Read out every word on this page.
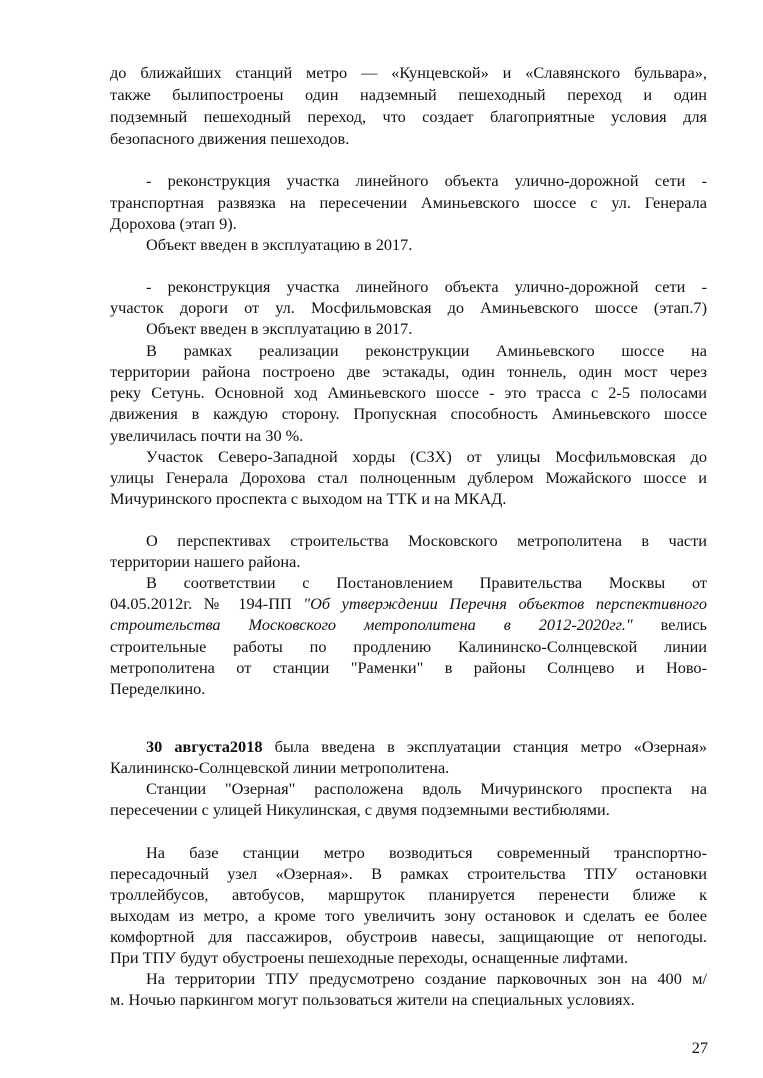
до ближайших станций метро — «Кунцевской» и «Славянского бульвара»,
также былипостроены один надземный пешеходный переход и один
подземный пешеходный переход, что создает благоприятные условия для
безопасного движения пешеходов.
- реконструкция участка линейного объекта улично-дорожной сети -
транспортная развязка на пересечении Аминьевского шоссе с ул. Генерала
Дорохова (этап 9).
Объект введен в эксплуатацию в 2017.
- реконструкция участка линейного объекта улично-дорожной сети -
участок дороги от ул. Мосфильмовская до Аминьевского шоссе (этап.7)
Объект введен в эксплуатацию в 2017.
В рамках реализации реконструкции Аминьевского шоссе на
территории района построено две эстакады, один тоннель, один мост через
реку Сетунь. Основной ход Аминьевского шоссе - это трасса с 2-5 полосами
движения в каждую сторону. Пропускная способность Аминьевского шоссе
увеличилась почти на 30 %.
Участок Северо-Западной хорды (СЗХ) от улицы Мосфильмовская до
улицы Генерала Дорохова стал полноценным дублером Можайского шоссе и
Мичуринского проспекта с выходом на ТТК и на МКАД.
О перспективах строительства Московского метрополитена в части
территории нашего района.
В соответствии с Постановлением Правительства Москвы от
04.05.2012г. № 194-ПП "Об утверждении Перечня объектов перспективного
строительства Московского метрополитена в 2012-2020гг." велись
строительные работы по продлению Калининско-Солнцевской линии
метрополитена от станции "Раменки" в районы Солнцево и Ново-
Переделкино.
30 августа2018 была введена в эксплуатации станция метро «Озерная»
Калининско-Солнцевской линии метрополитена.
Станции "Озерная" расположена вдоль Мичуринского проспекта на
пересечении с улицей Никулинская, с двумя подземными вестибюлями.
На базе станции метро возводиться современный транспортно-
пересадочный узел «Озерная». В рамках строительства ТПУ остановки
троллейбусов, автобусов, маршруток планируется перенести ближе к
выходам из метро, а кроме того увеличить зону остановок и сделать ее более
комфортной для пассажиров, обустроив навесы, защищающие от непогоды.
При ТПУ будут обустроены пешеходные переходы, оснащенные лифтами.
На территории ТПУ предусмотрено создание парковочных зон на 400 м/
м. Ночью паркингом могут пользоваться жители на специальных условиях.
27
